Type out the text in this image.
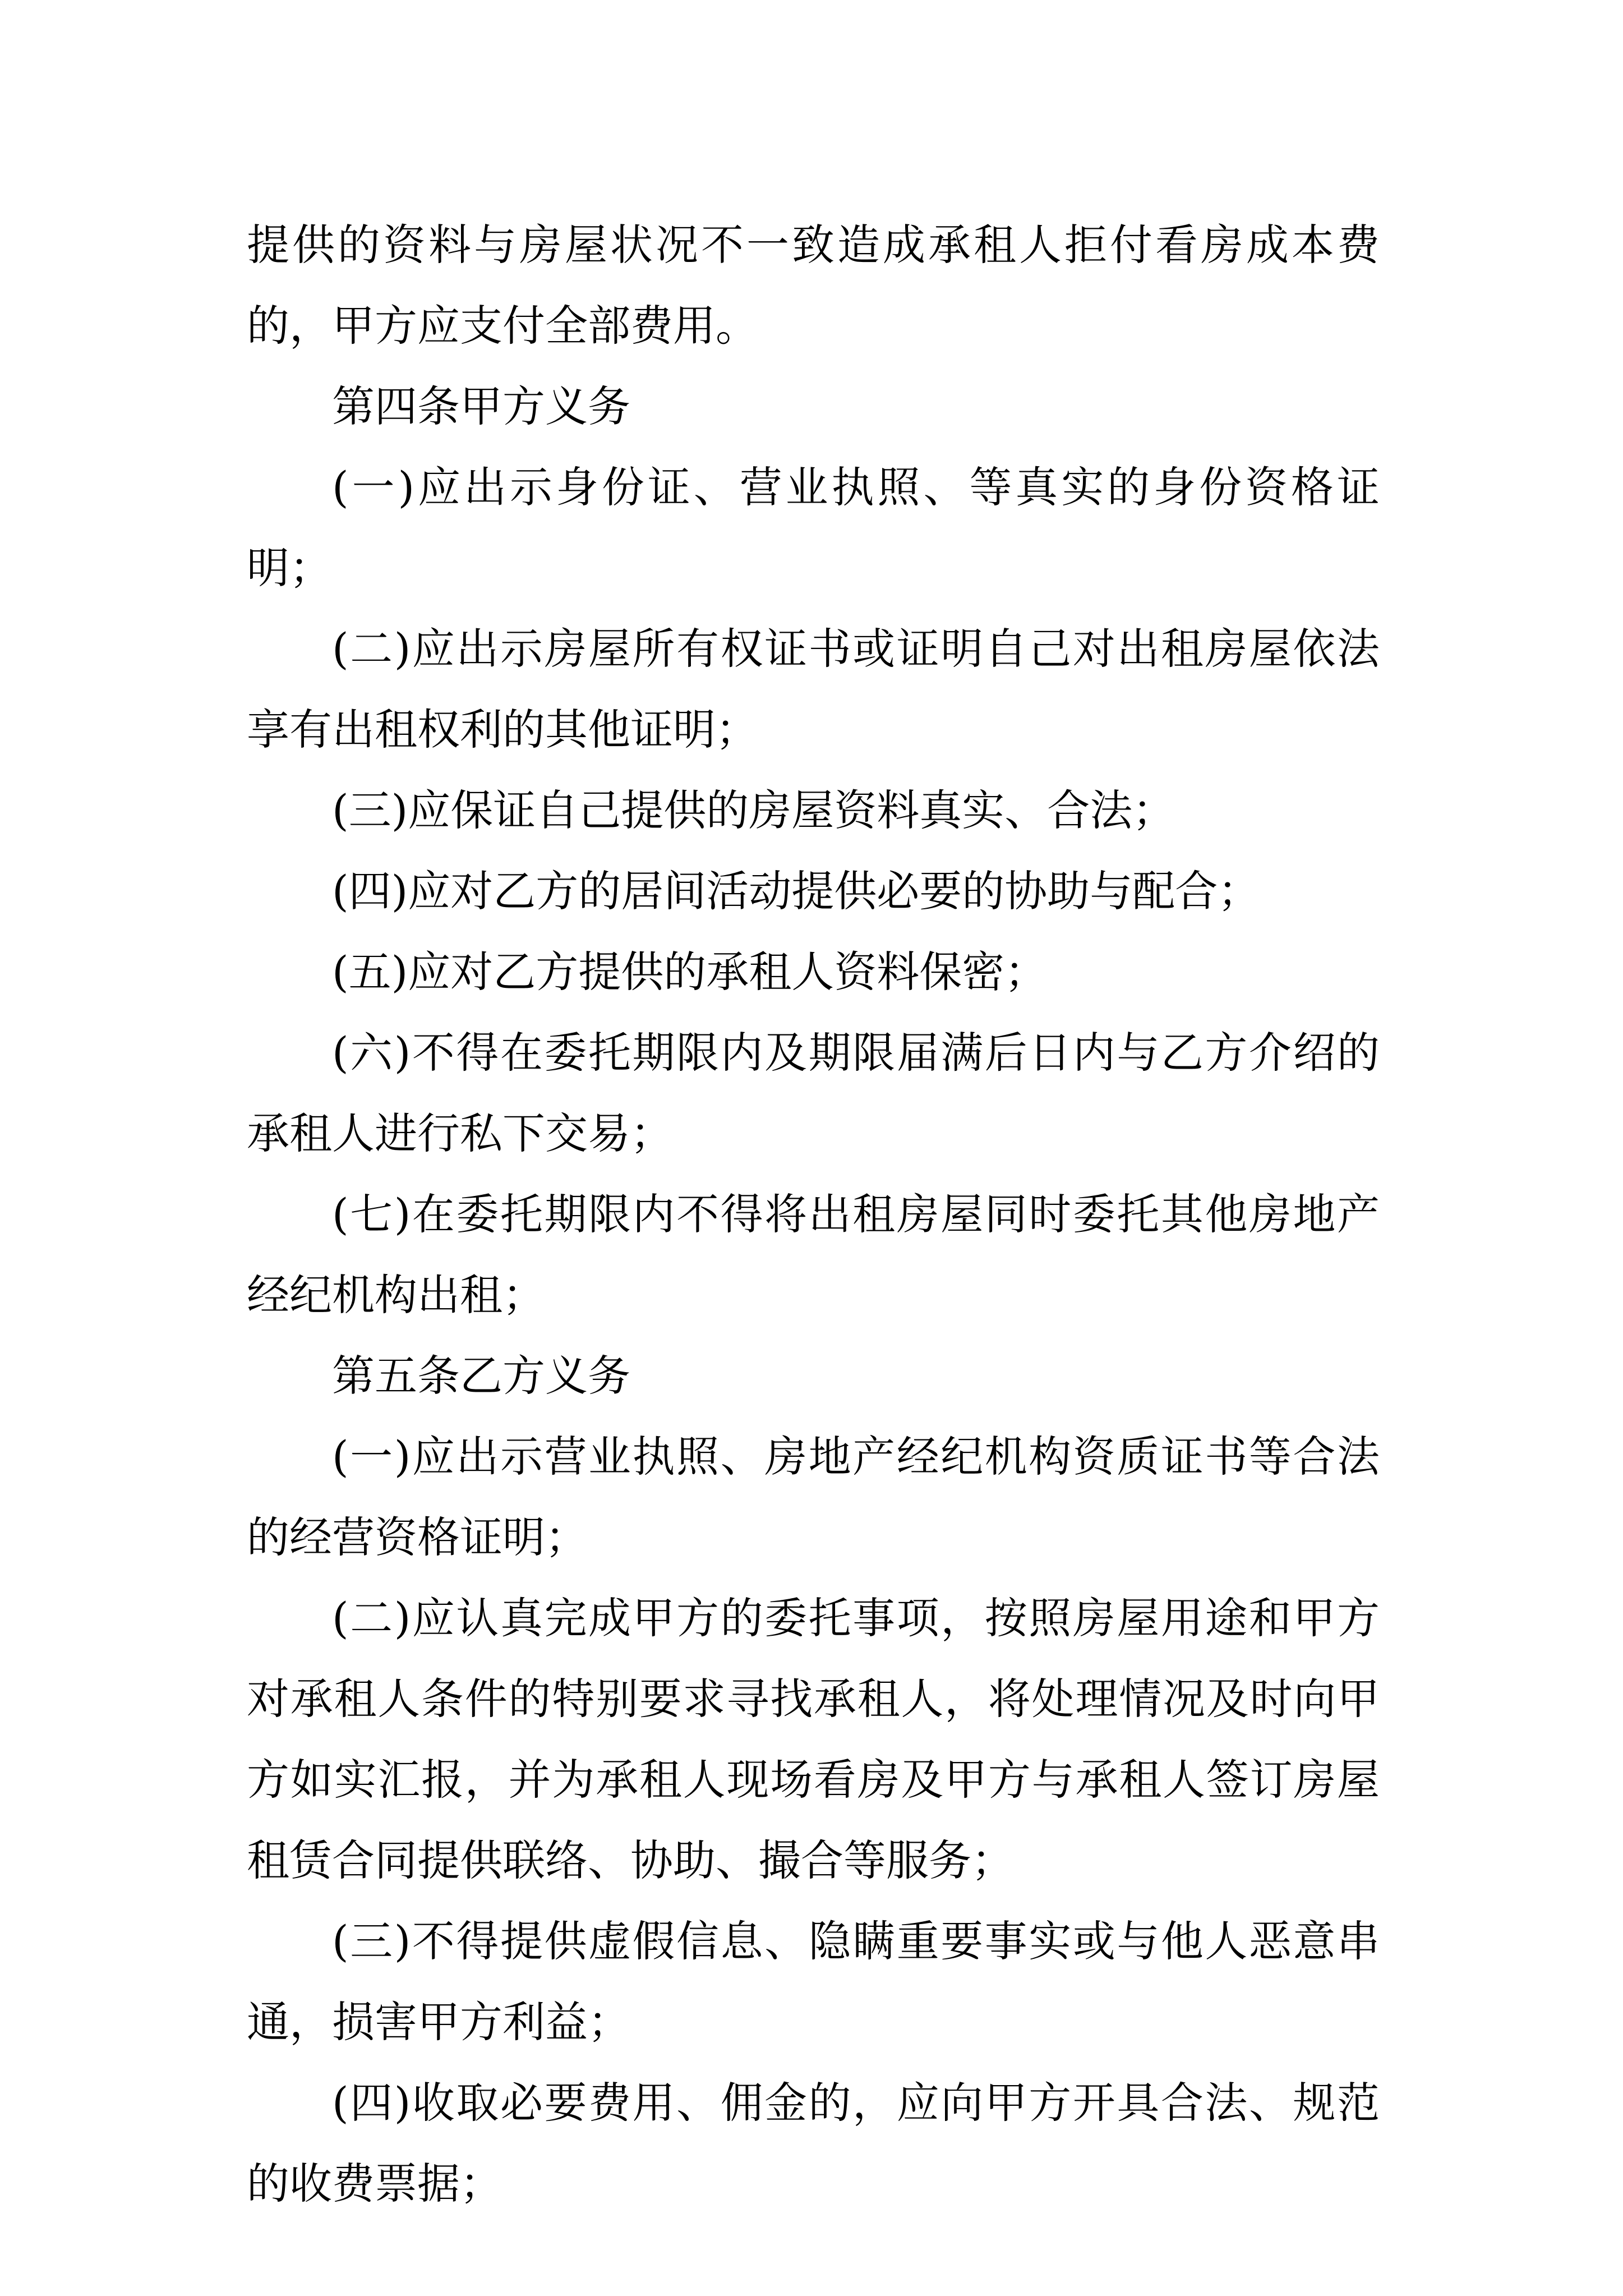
提供的资料与房屋状况不一致造成承租人拒付看房成本费的，甲方应支付全部费用。

第四条甲方义务

(一)应出示身份证、营业执照、等真实的身份资格证明；

(二)应出示房屋所有权证书或证明自己对出租房屋依法享有出租权利的其他证明；

(三)应保证自己提供的房屋资料真实、合法；

(四)应对乙方的居间活动提供必要的协助与配合；

(五)应对乙方提供的承租人资料保密；

(六)不得在委托期限内及期限届满后日内与乙方介绍的承租人进行私下交易；

(七)在委托期限内不得将出租房屋同时委托其他房地产经纪机构出租；

第五条乙方义务

(一)应出示营业执照、房地产经纪机构资质证书等合法的经营资格证明；

(二)应认真完成甲方的委托事项，按照房屋用途和甲方对承租人条件的特别要求寻找承租人，将处理情况及时向甲方如实汇报，并为承租人现场看房及甲方与承租人签订房屋租赁合同提供联络、协助、撮合等服务；

(三)不得提供虚假信息、隐瞒重要事实或与他人恶意串通，损害甲方利益；

(四)收取必要费用、佣金的，应向甲方开具合法、规范的收费票据；
